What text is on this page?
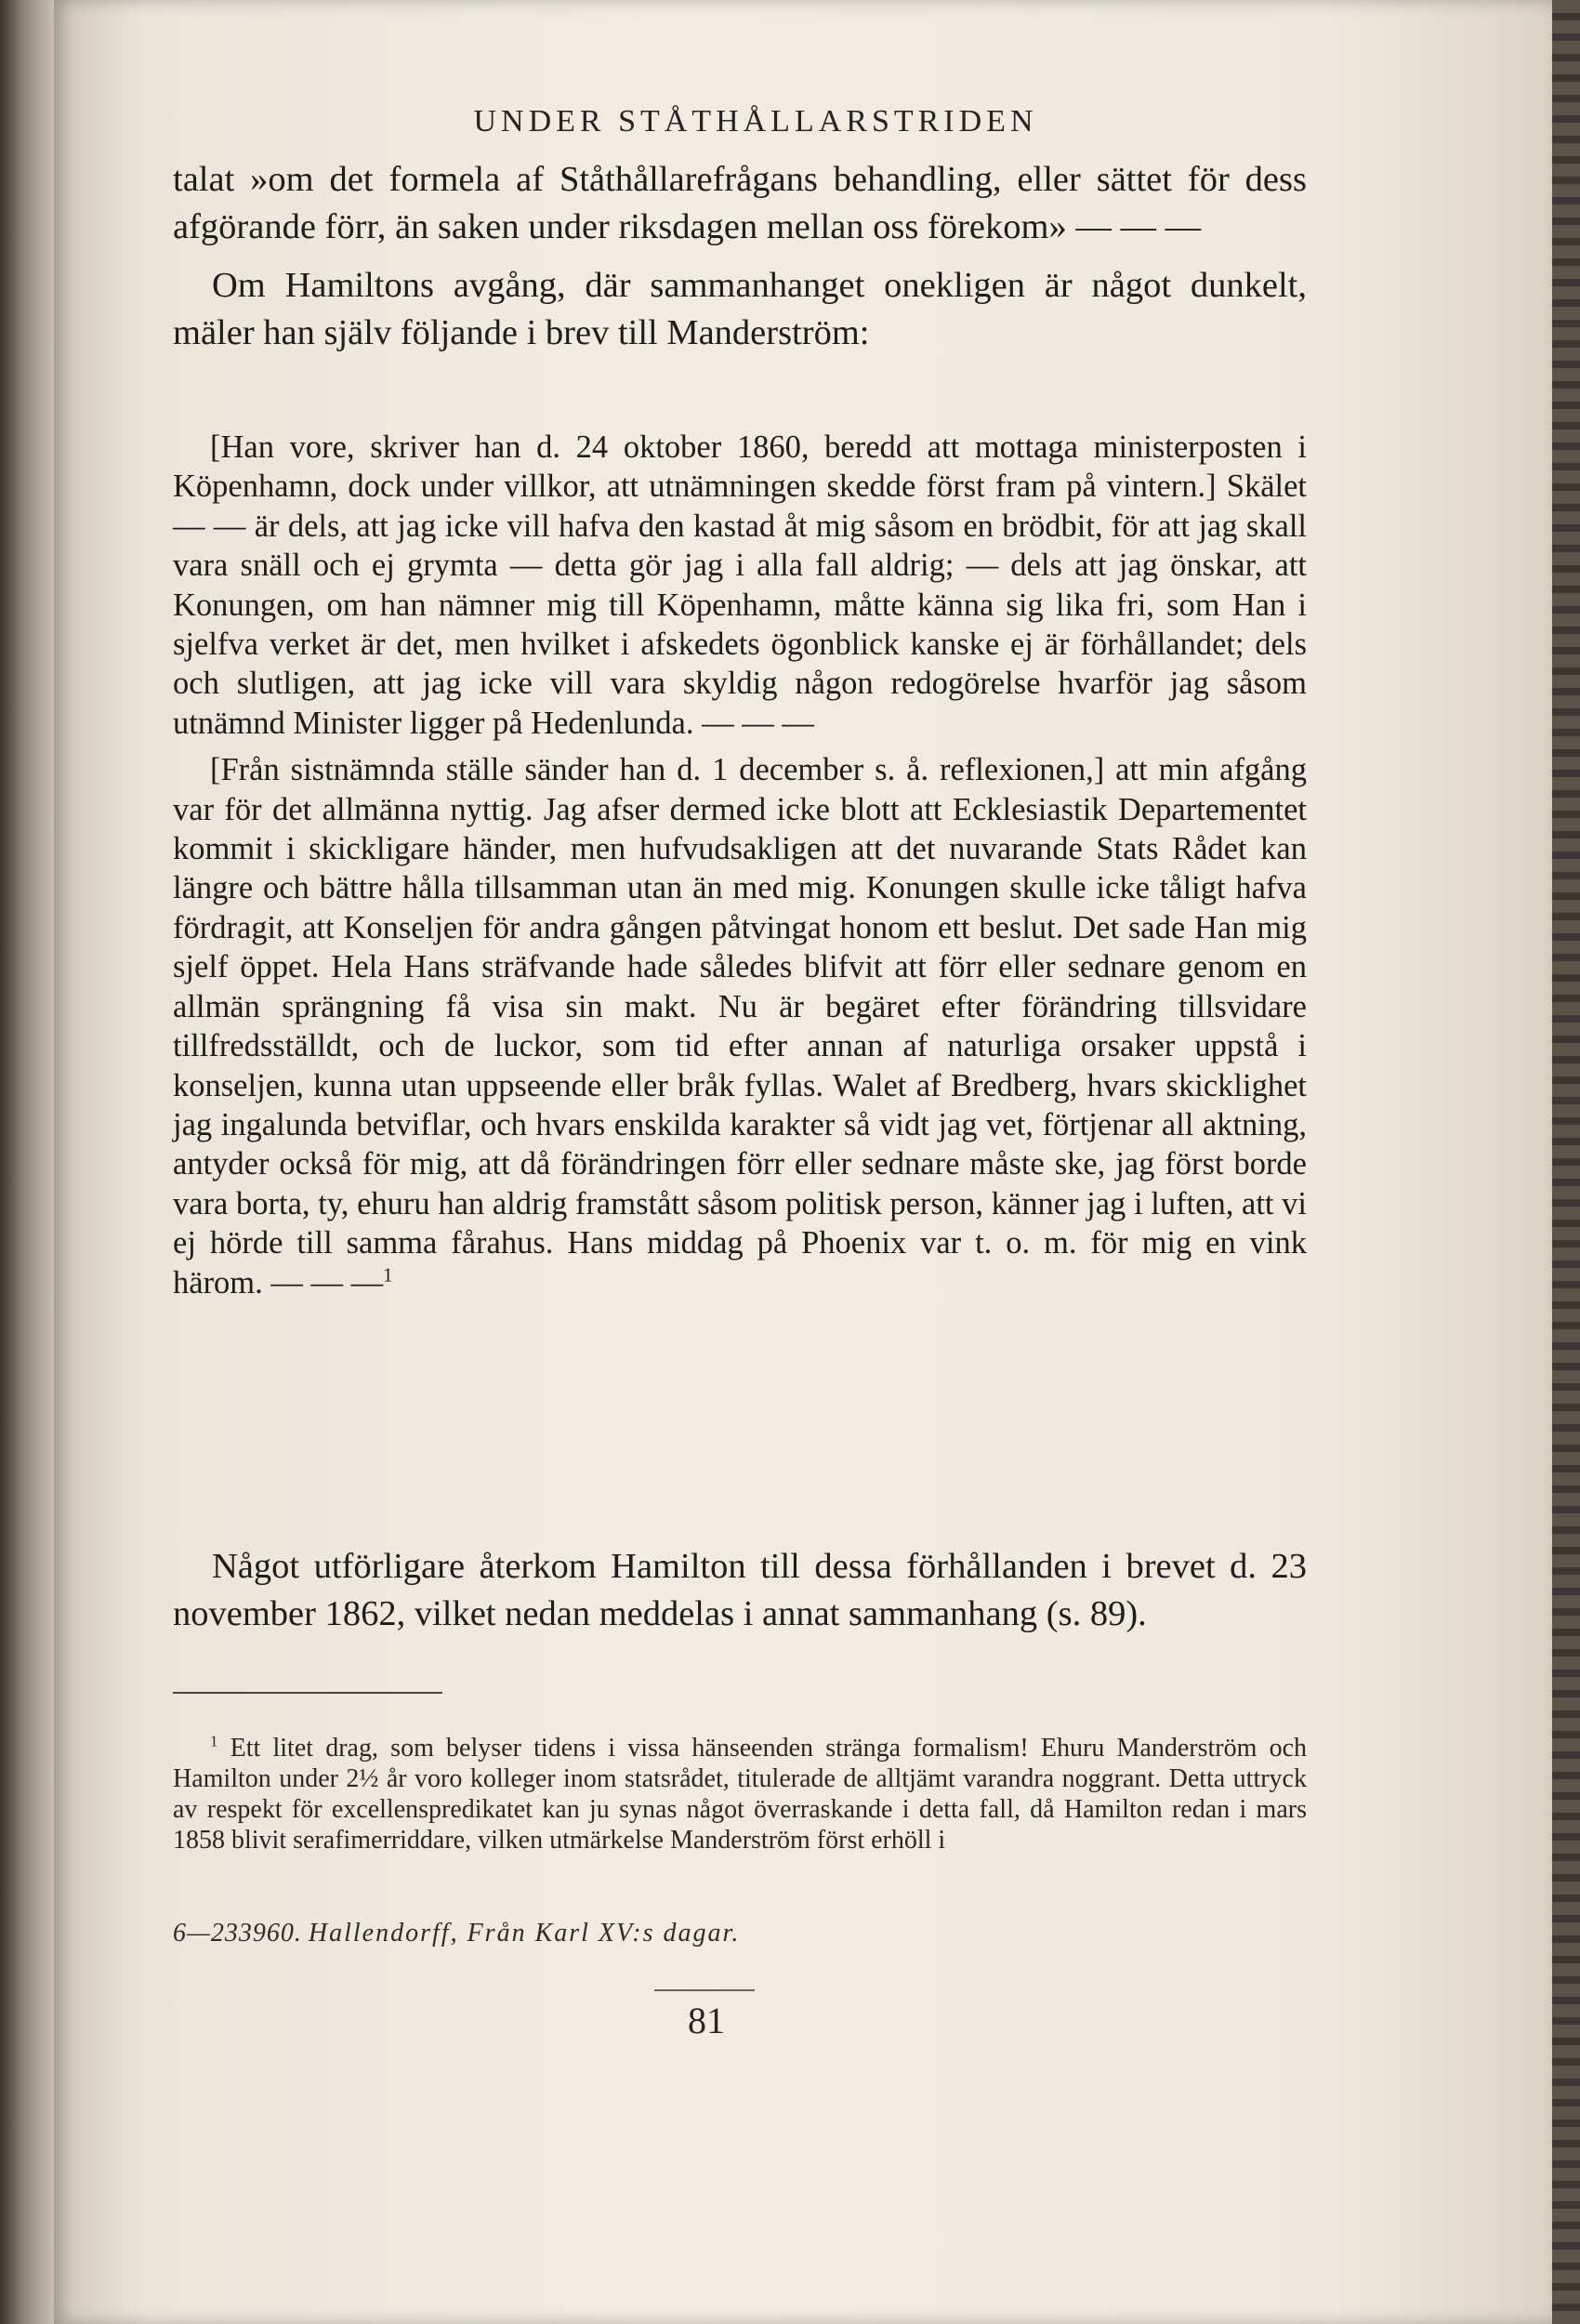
UNDER STÅTHÅLLARSTRIDEN

talat »om det formela af Ståthållarefrågans behandling, eller sättet för dess afgörande förr, än saken under riksdagen mellan oss förekom» — — —

Om Hamiltons avgång, där sammanhanget onekligen är något dunkelt, mäler han själv följande i brev till Manderström:

[Han vore, skriver han d. 24 oktober 1860, beredd att mottaga ministerposten i Köpenhamn, dock under villkor, att utnämningen skedde först fram på vintern.] Skälet — — är dels, att jag icke vill hafva den kastad åt mig såsom en brödbit, för att jag skall vara snäll och ej grymta — detta gör jag i alla fall aldrig; — dels att jag önskar, att Konungen, om han nämner mig till Köpenhamn, måtte känna sig lika fri, som Han i sjelfva verket är det, men hvilket i afskedets ögonblick kanske ej är förhållandet; dels och slutligen, att jag icke vill vara skyldig någon redogörelse hvarför jag såsom utnämnd Minister ligger på Hedenlunda. — — —

[Från sistnämnda ställe sänder han d. 1 december s. å. reflexionen,] att min afgång var för det allmänna nyttig. Jag afser dermed icke blott att Ecklesiastik Departementet kommit i skickligare händer, men hufvudsakligen att det nuvarande Stats Rådet kan längre och bättre hålla tillsamman utan än med mig. Konungen skulle icke tåligt hafva fördragit, att Konseljen för andra gången påtvingat honom ett beslut. Det sade Han mig sjelf öppet. Hela Hans sträfvande hade således blifvit att förr eller sednare genom en allmän sprängning få visa sin makt. Nu är begäret efter förändring tillsvidare tillfredsställdt, och de luckor, som tid efter annan af naturliga orsaker uppstå i konseljen, kunna utan uppseende eller bråk fyllas. Walet af Bredberg, hvars skicklighet jag ingalunda betviflar, och hvars enskilda karakter så vidt jag vet, förtjenar all aktning, antyder också för mig, att då förändringen förr eller sednare måste ske, jag först borde vara borta, ty, ehuru han aldrig framstått såsom politisk person, känner jag i luften, att vi ej hörde till samma fårahus. Hans middag på Phoenix var t. o. m. för mig en vink härom. — — —$^1$

Något utförligare återkom Hamilton till dessa förhållanden i brevet d. 23 november 1862, vilket nedan meddelas i annat sammanhang (s. 89).

$^1$ Ett litet drag, som belyser tidens i vissa hänseenden stränga formalism! Ehuru Manderström och Hamilton under 2½ år voro kolleger inom statsrådet, titulerade de alltjämt varandra noggrant. Detta uttryck av respekt för excellenspredikatet kan ju synas något överraskande i detta fall, då Hamilton redan i mars 1858 blivit serafimerriddare, vilken utmärkelse Manderström först erhöll i

6—233960. Hallendorff, Från Karl XV:s dagar.
81
